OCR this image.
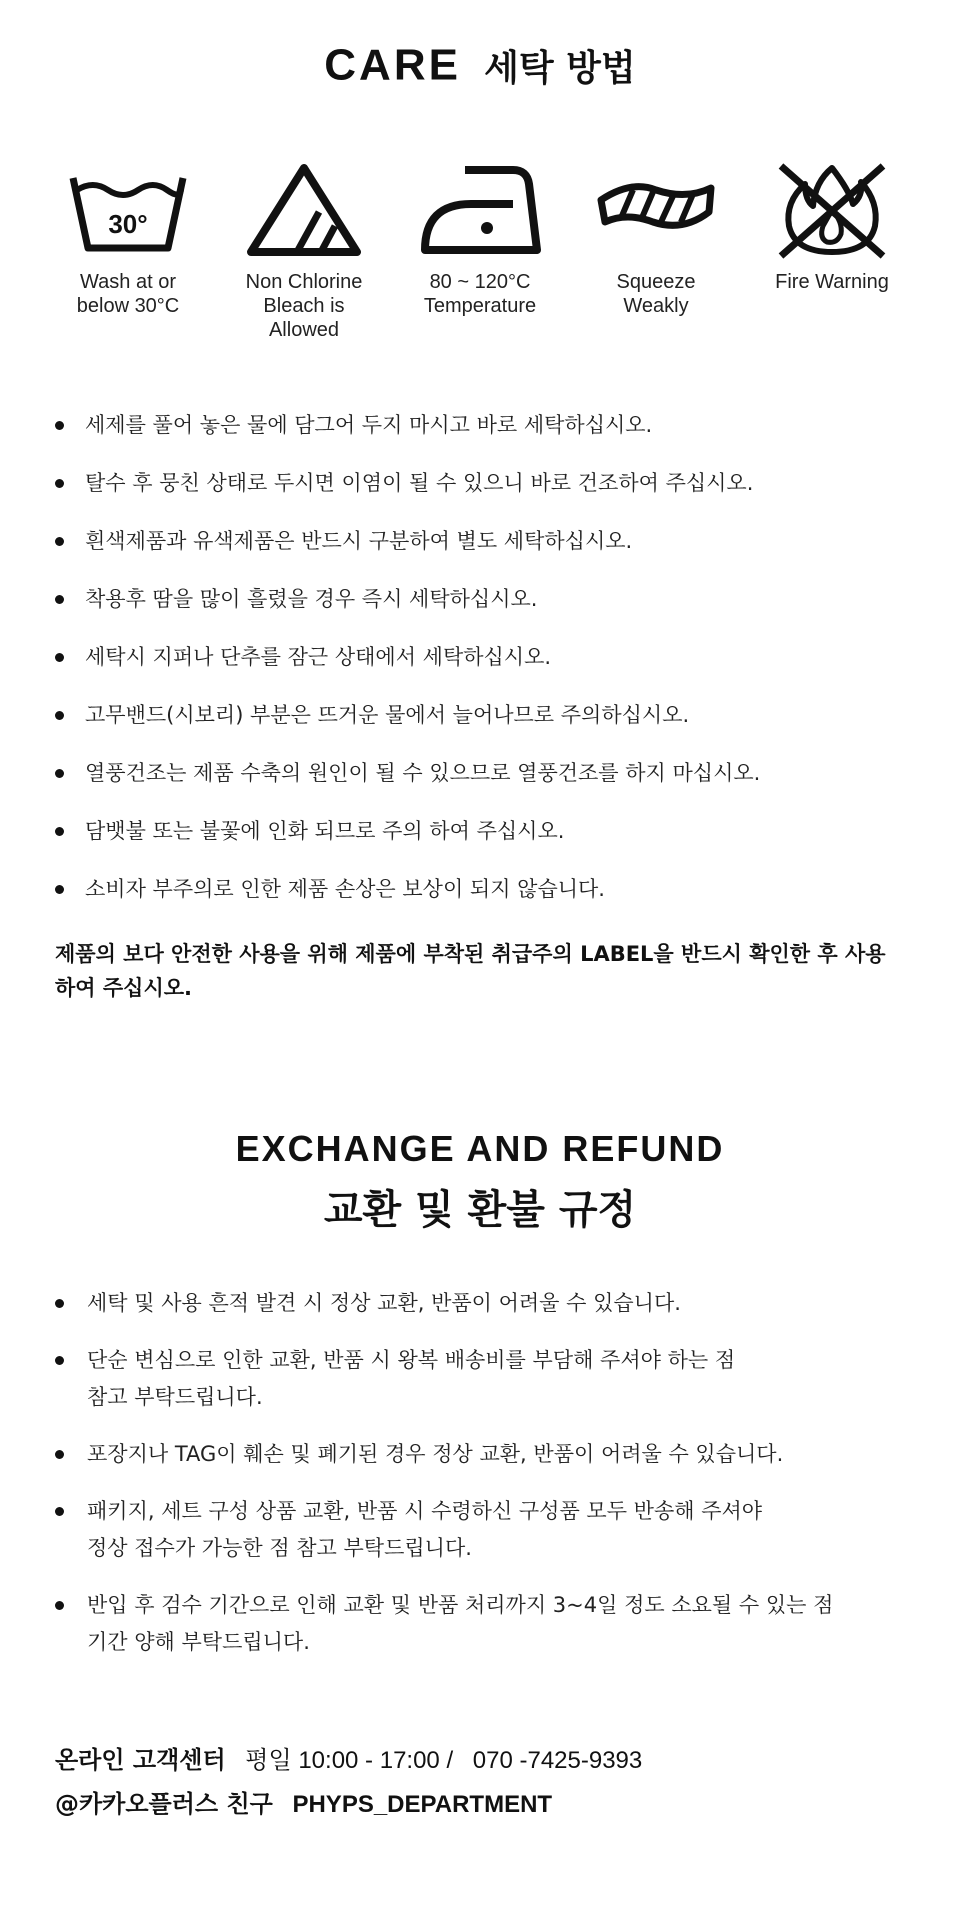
CARE 세탁 방법
30°
Wash at or
below 30°C
Non Chlorine
Bleach is
Allowed
80 ~ 120°C
Temperature
Squeeze
Weakly
Fire Warning
세제를 풀어 놓은 물에 담그어 두지 마시고 바로 세탁하십시오.
탈수 후 뭉친 상태로 두시면 이염이 될 수 있으니 바로 건조하여 주십시오.
흰색제품과 유색제품은 반드시 구분하여 별도 세탁하십시오.
착용후 땀을 많이 흘렸을 경우 즉시 세탁하십시오.
세탁시 지퍼나 단추를 잠근 상태에서 세탁하십시오.
고무밴드(시보리) 부분은 뜨거운 물에서 늘어나므로 주의하십시오.
열풍건조는 제품 수축의 원인이 될 수 있으므로 열풍건조를 하지 마십시오.
담뱃불 또는 불꽃에 인화 되므로 주의 하여 주십시오.
소비자 부주의로 인한 제품 손상은 보상이 되지 않습니다.
제품의 보다 안전한 사용을 위해 제품에 부착된 취급주의 LABEL을 반드시 확인한 후 사용하여 주십시오.
EXCHANGE AND REFUND
교환 및 환불 규정
세탁 및 사용 흔적 발견 시 정상 교환, 반품이 어려울 수 있습니다.
단순 변심으로 인한 교환, 반품 시 왕복 배송비를 부담해 주셔야 하는 점
참고 부탁드립니다.
포장지나 TAG이 훼손 및 폐기된 경우 정상 교환, 반품이 어려울 수 있습니다.
패키지, 세트 구성 상품 교환, 반품 시 수령하신 구성품 모두 반송해 주셔야
정상 접수가 가능한 점 참고 부탁드립니다.
반입 후 검수 기간으로 인해 교환 및 반품 처리까지 3~4일 정도 소요될 수 있는 점
기간 양해 부탁드립니다.
온라인 고객센터 평일 10:00 - 17:00 / 070 -7425-9393
@카카오플러스 친구 PHYPS_DEPARTMENT
